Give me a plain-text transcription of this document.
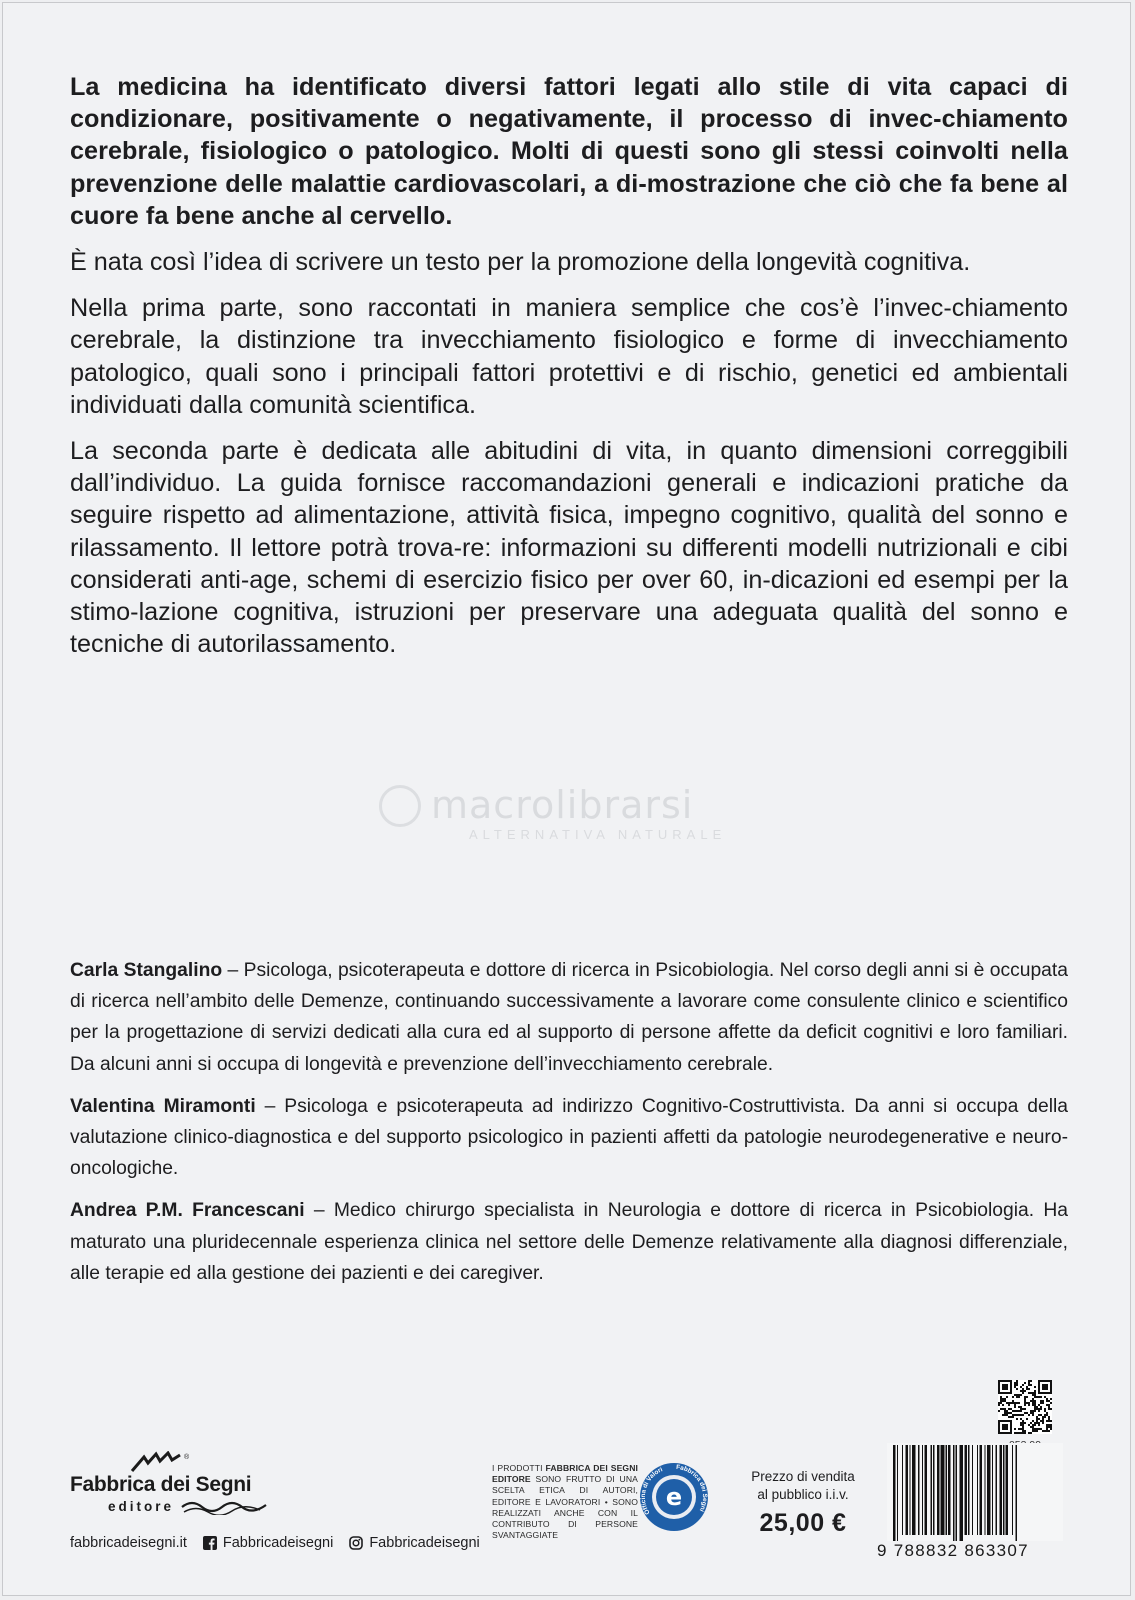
La medicina ha identificato diversi fattori legati allo stile di vita capaci di condizionare, positivamente o negativamente, il processo di invec-chiamento cerebrale, fisiologico o patologico. Molti di questi sono gli stessi coinvolti nella prevenzione delle malattie cardiovascolari, a di-mostrazione che ciò che fa bene al cuore fa bene anche al cervello.

È nata così l’idea di scrivere un testo per la promozione della longevità cognitiva.

Nella prima parte, sono raccontati in maniera semplice che cos’è l’invec-chiamento cerebrale, la distinzione tra invecchiamento fisiologico e forme di invecchiamento patologico, quali sono i principali fattori protettivi e di rischio, genetici ed ambientali individuati dalla comunità scientifica.

La seconda parte è dedicata alle abitudini di vita, in quanto dimensioni correggibili dall’individuo. La guida fornisce raccomandazioni generali e indicazioni pratiche da seguire rispetto ad alimentazione, attività fisica, impegno cognitivo, qualità del sonno e rilassamento. Il lettore potrà trova-re: informazioni su differenti modelli nutrizionali e cibi considerati anti-age, schemi di esercizio fisico per over 60, in-dicazioni ed esempi per la stimo-lazione cognitiva, istruzioni per preservare una adeguata qualità del sonno e tecniche di autorilassamento.

macrolibrarsi
ALTERNATIVA NATURALE

Carla Stangalino – Psicologa, psicoterapeuta e dottore di ricerca in Psicobiologia. Nel corso degli anni si è occupata di ricerca nell’ambito delle Demenze, continuando successivamente a lavorare come consulente clinico e scientifico per la progettazione di servizi dedicati alla cura ed al supporto di persone affette da deficit cognitivi e loro familiari. Da alcuni anni si occupa di longevità e prevenzione dell’invecchiamento cerebrale.

Valentina Miramonti – Psicologa e psicoterapeuta ad indirizzo Cognitivo-Costruttivista. Da anni si occupa della valutazione clinico-diagnostica e del supporto psicologico in pazienti affetti da patologie neurodegenerative e neuro-oncologiche.

Andrea P.M. Francescani – Medico chirurgo specialista in Neurologia e dottore di ricerca in Psicobiologia. Ha maturato una pluridecennale esperienza clinica nel settore delle Demenze relativamente alla diagnosi differenziale, alle terapie ed alla gestione dei pazienti e dei caregiver.

®
Fabbrica dei Segni
editore
fabbricadeisegni.it Fabbricadeisegni Fabbricadeisegni
I PRODOTTI FABBRICA DEI SEGNI EDITORE SONO FRUTTO DI UNA SCELTA ETICA DI AUTORI, EDITORE E LAVORATORI • SONO REALIZZATI ANCHE CON IL CONTRIBUTO DI PERSONE SVANTAGGIATE
Officina di Valori Fabbrica dei Segni
e
Prezzo di vendita
al pubblico i.i.v.
25,00 €
9 788832 863307
